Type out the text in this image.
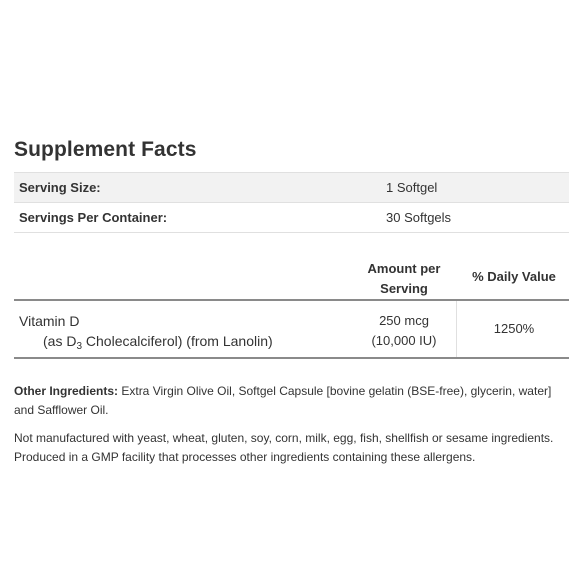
Supplement Facts
Serving Size:	1 Softgel
Servings Per Container:	30 Softgels
Amount per
Serving
% Daily Value
Vitamin D
(as $D_3$ Cholecalciferol) (from Lanolin)
250 mcg
(10,000 IU)
1250%

Other Ingredients: Extra Virgin Olive Oil, Softgel Capsule [bovine gelatin (BSE-free), glycerin, water] and Safflower Oil.

Not manufactured with yeast, wheat, gluten, soy, corn, milk, egg, fish, shellfish or sesame ingredients.
Produced in a GMP facility that processes other ingredients containing these allergens.
